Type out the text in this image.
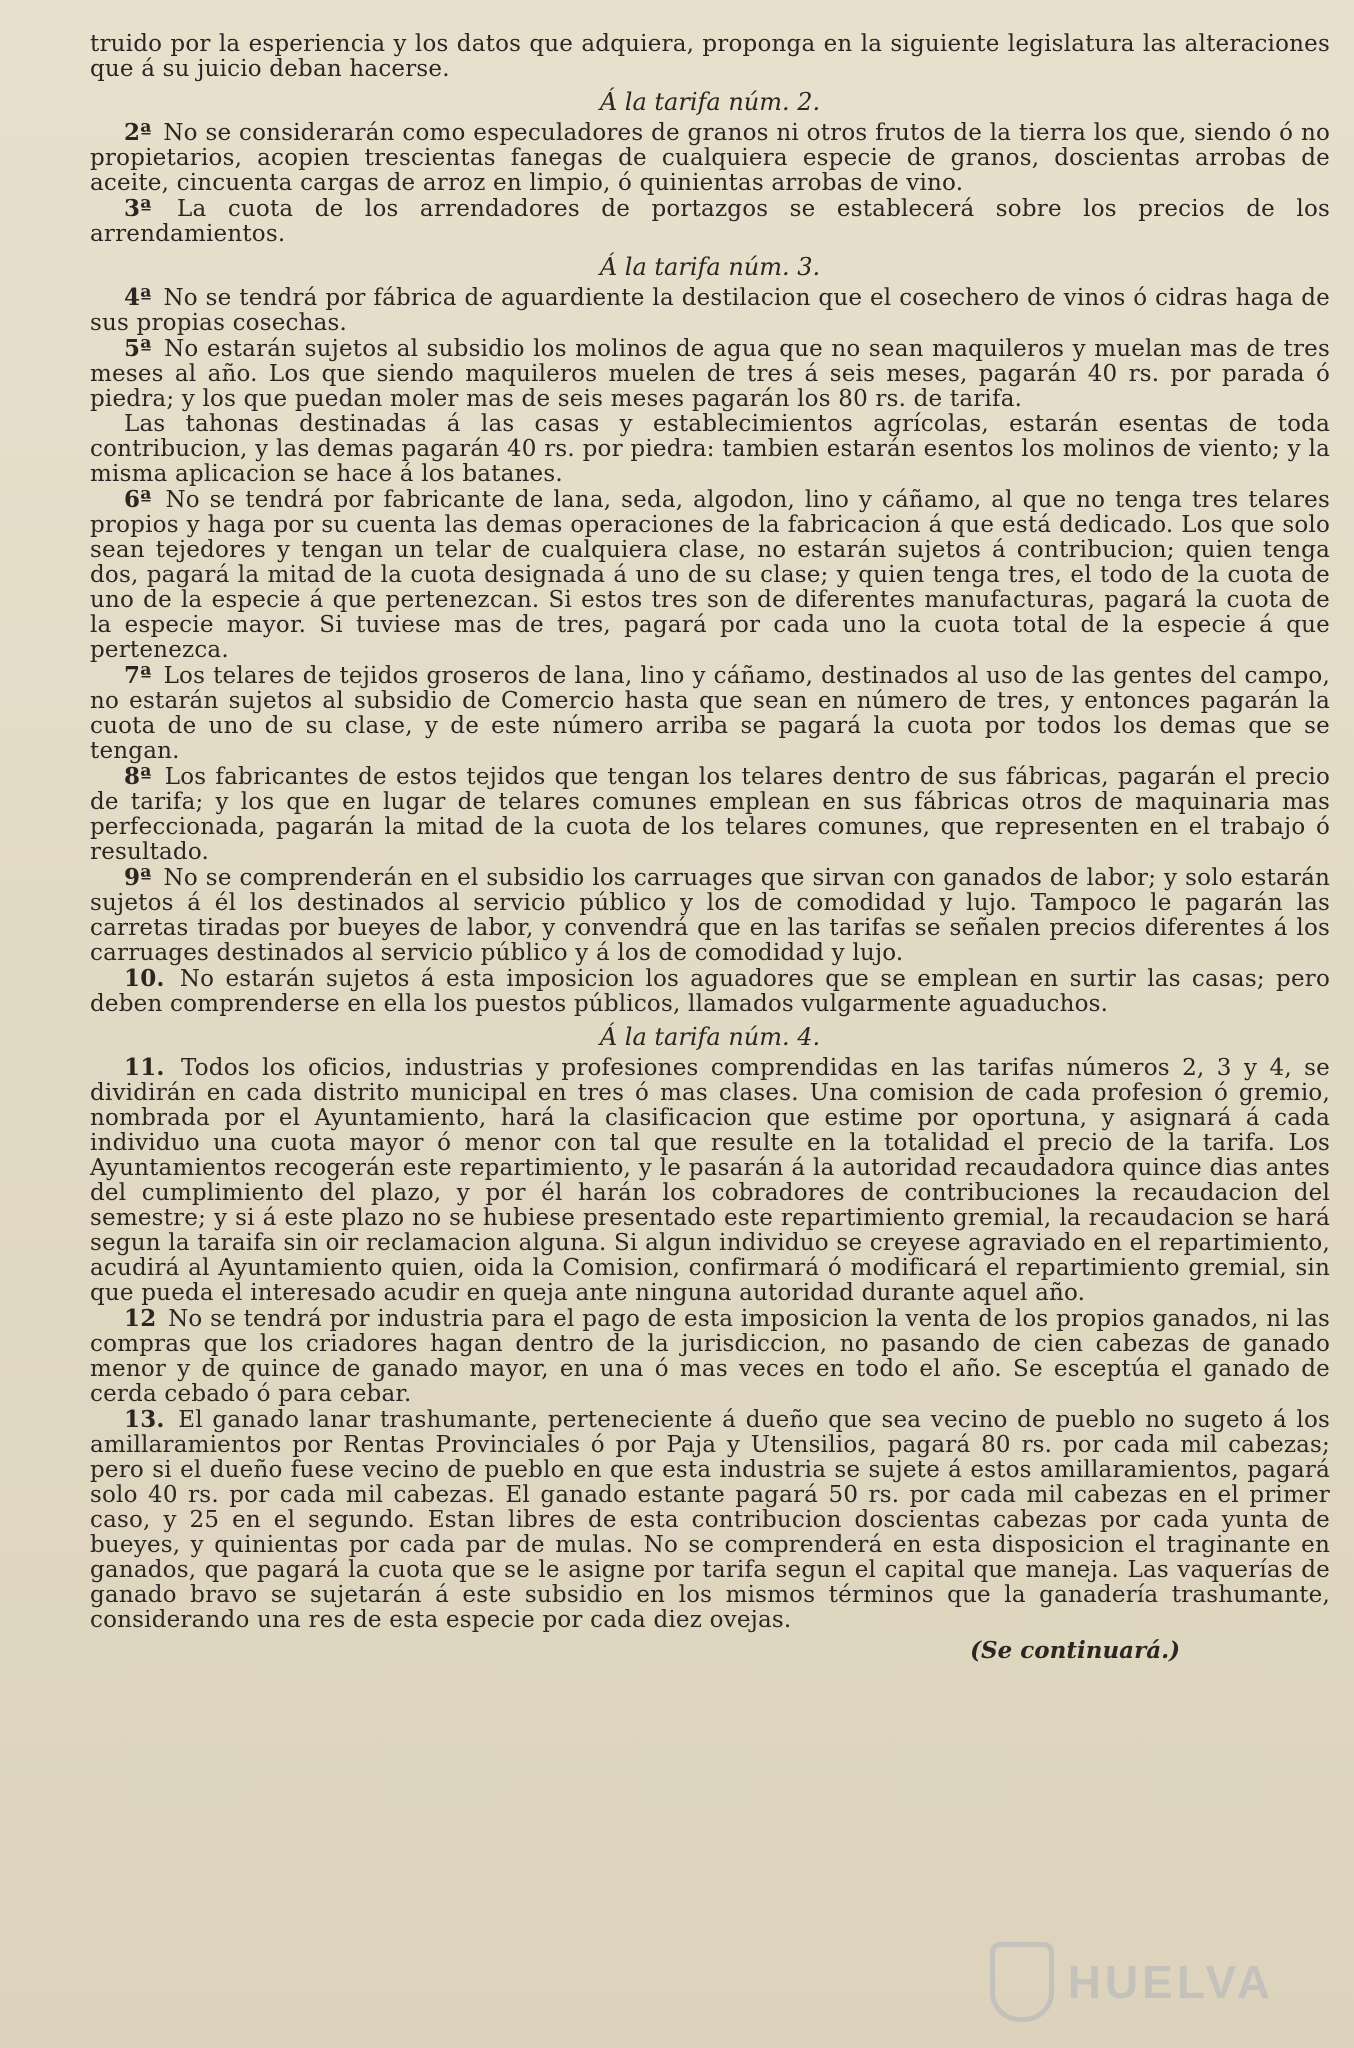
truido por la esperiencia y los datos que adquiera, proponga en la siguiente legislatura las alteraciones que á su juicio deban hacerse.

Á la tarifa núm. 2.

2ª No se considerarán como especuladores de granos ni otros frutos de la tierra los que, siendo ó no propietarios, acopien trescientas fanegas de cualquiera especie de granos, doscientas arrobas de aceite, cincuenta cargas de arroz en limpio, ó quinientas arrobas de vino.

3ª La cuota de los arrendadores de portazgos se establecerá sobre los precios de los arrendamientos.

Á la tarifa núm. 3.

4ª No se tendrá por fábrica de aguardiente la destilacion que el cosechero de vinos ó cidras haga de sus propias cosechas.

5ª No estarán sujetos al subsidio los molinos de agua que no sean maquileros y muelan mas de tres meses al año. Los que siendo maquileros muelen de tres á seis meses, pagarán 40 rs. por parada ó piedra; y los que puedan moler mas de seis meses pagarán los 80 rs. de tarifa.

Las tahonas destinadas á las casas y establecimientos agrícolas, estarán esentas de toda contribucion, y las demas pagarán 40 rs. por piedra: tambien estarán esentos los molinos de viento; y la misma aplicacion se hace á los batanes.

6ª No se tendrá por fabricante de lana, seda, algodon, lino y cáñamo, al que no tenga tres telares propios y haga por su cuenta las demas operaciones de la fabricacion á que está dedicado. Los que solo sean tejedores y tengan un telar de cualquiera clase, no estarán sujetos á contribucion; quien tenga dos, pagará la mitad de la cuota designada á uno de su clase; y quien tenga tres, el todo de la cuota de uno de la especie á que pertenezcan. Si estos tres son de diferentes manufacturas, pagará la cuota de la especie mayor. Si tuviese mas de tres, pagará por cada uno la cuota total de la especie á que pertenezca.

7ª Los telares de tejidos groseros de lana, lino y cáñamo, destinados al uso de las gentes del campo, no estarán sujetos al subsidio de Comercio hasta que sean en número de tres, y entonces pagarán la cuota de uno de su clase, y de este número arriba se pagará la cuota por todos los demas que se tengan.

8ª Los fabricantes de estos tejidos que tengan los telares dentro de sus fábricas, pagarán el precio de tarifa; y los que en lugar de telares comunes emplean en sus fábricas otros de maquinaria mas perfeccionada, pagarán la mitad de la cuota de los telares comunes, que representen en el trabajo ó resultado.

9ª No se comprenderán en el subsidio los carruages que sirvan con ganados de labor; y solo estarán sujetos á él los destinados al servicio público y los de comodidad y lujo. Tampoco le pagarán las carretas tiradas por bueyes de labor, y convendrá que en las tarifas se señalen precios diferentes á los carruages destinados al servicio público y á los de comodidad y lujo.

10. No estarán sujetos á esta imposicion los aguadores que se emplean en surtir las casas; pero deben comprenderse en ella los puestos públicos, llamados vulgarmente aguaduchos.

Á la tarifa núm. 4.

11. Todos los oficios, industrias y profesiones comprendidas en las tarifas números 2, 3 y 4, se dividirán en cada distrito municipal en tres ó mas clases. Una comision de cada profesion ó gremio, nombrada por el Ayuntamiento, hará la clasificacion que estime por oportuna, y asignará á cada individuo una cuota mayor ó menor con tal que resulte en la totalidad el precio de la tarifa. Los Ayuntamientos recogerán este repartimiento, y le pasarán á la autoridad recaudadora quince dias antes del cumplimiento del plazo, y por él harán los cobradores de contribuciones la recaudacion del semestre; y si á este plazo no se hubiese presentado este repartimiento gremial, la recaudacion se hará segun la taraifa sin oir reclamacion alguna. Si algun individuo se creyese agraviado en el repartimiento, acudirá al Ayuntamiento quien, oida la Comision, confirmará ó modificará el repartimiento gremial, sin que pueda el interesado acudir en queja ante ninguna autoridad durante aquel año.

12 No se tendrá por industria para el pago de esta imposicion la venta de los propios ganados, ni las compras que los criadores hagan dentro de la jurisdiccion, no pasando de cien cabezas de ganado menor y de quince de ganado mayor, en una ó mas veces en todo el año. Se esceptúa el ganado de cerda cebado ó para cebar.

13. El ganado lanar trashumante, perteneciente á dueño que sea vecino de pueblo no sugeto á los amillaramientos por Rentas Provinciales ó por Paja y Utensilios, pagará 80 rs. por cada mil cabezas; pero si el dueño fuese vecino de pueblo en que esta industria se sujete á estos amillaramientos, pagará solo 40 rs. por cada mil cabezas. El ganado estante pagará 50 rs. por cada mil cabezas en el primer caso, y 25 en el segundo. Estan libres de esta contribucion doscientas cabezas por cada yunta de bueyes, y quinientas por cada par de mulas. No se comprenderá en esta disposicion el traginante en ganados, que pagará la cuota que se le asigne por tarifa segun el capital que maneja. Las vaquerías de ganado bravo se sujetarán á este subsidio en los mismos términos que la ganadería trashumante, considerando una res de esta especie por cada diez ovejas.

(Se continuará.)
HUELVA
